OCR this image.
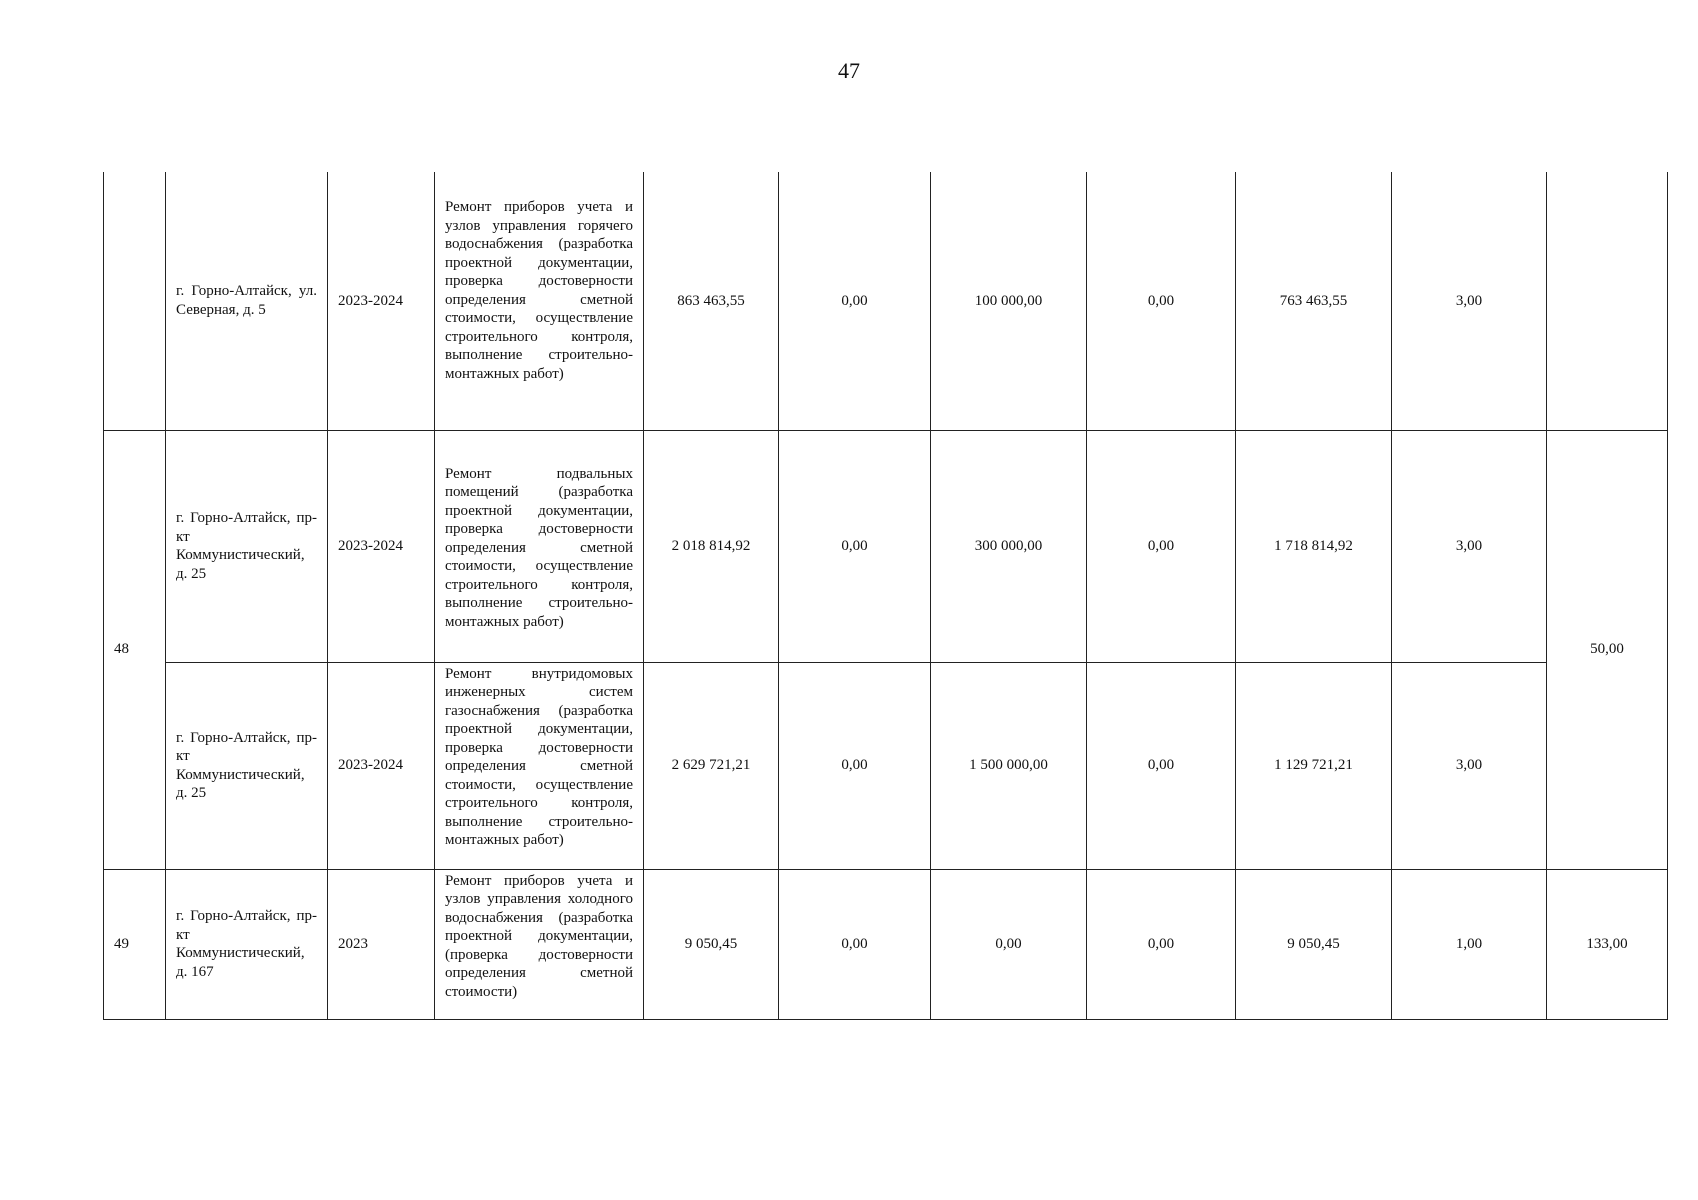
47
	г. Горно-Алтайск, ул. Северная, д. 5	2023-2024	Ремонт приборов учета и узлов управления горячего водоснабжения (разработка проектной документации, проверка достоверности определения сметной стоимости, осуществление строительного контроля, выполнение строительно-монтажных работ)	863 463,55	0,00	100 000,00	0,00	763 463,55	3,00	
48	г. Горно-Алтайск, пр-кт Коммунистический, д. 25	2023-2024	Ремонт подвальных помещений (разработка проектной документации, проверка достоверности определения сметной стоимости, осуществление строительного контроля, выполнение строительно-монтажных работ)	2 018 814,92	0,00	300 000,00	0,00	1 718 814,92	3,00	50,00
	г. Горно-Алтайск, пр-кт Коммунистический, д. 25	2023-2024	Ремонт внутридомовых инженерных систем газоснабжения (разработка проектной документации, проверка достоверности определения сметной стоимости, осуществление строительного контроля, выполнение строительно-монтажных работ)	2 629 721,21	0,00	1 500 000,00	0,00	1 129 721,21	3,00	
49	г. Горно-Алтайск, пр-кт Коммунистический, д. 167	2023	Ремонт приборов учета и узлов управления холодного водоснабжения (разработка проектной документации, (проверка достоверности определения сметной стоимости)	9 050,45	0,00	0,00	0,00	9 050,45	1,00	133,00
